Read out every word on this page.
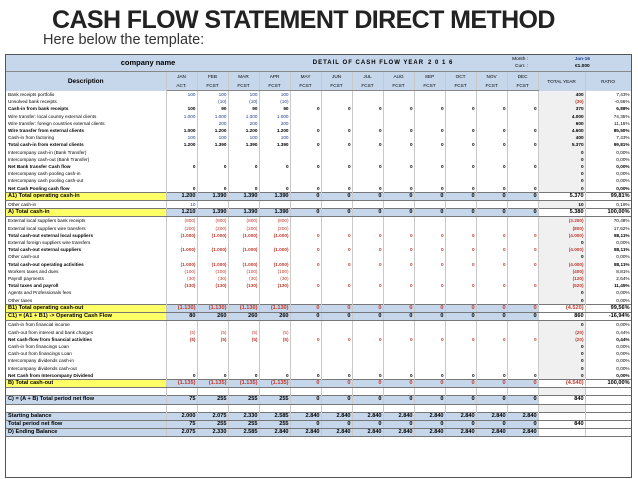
CASH FLOW STATEMENT DIRECT METHOD
Here below the template:
company name					DETAIL OF CASH FLOW YEAR 2 0 1 6						Month : Jan-16
Curr. : €1.000			

Description	JAN	FEB	MAR	APR	MAY	JUN	JUL	AUG	SEP	OCT	NOV	DEC	TOTAL YEAR	RATIO
	ACT.	FCST	FCST	FCST	FCST	FCST	FCST	FCST	FCST	FCST	FCST	FCST		
Bank receipts portfolio	100	100	100	100									400	7,43%
Unsolved bank receipts		(10)	(10)	(10)									(30)	-0,56%
Cash-in from bank receipts	100	90	90	90	0	0	0	0	0	0	0	0	370	6,88%
Wire transfer: local country external clients	1.000	1.000	1.000	1.000									4.000	74,35%
Wire transfer: foreign countries external clients		200	200	200									600	11,15%
Wire transfer from external clients	1.000	1.200	1.200	1.200	0	0	0	0	0	0	0	0	4.600	85,50%
Cash-in from factoring	100	100	100	100									400	7,43%
Total cash-in from external clients	1.200	1.390	1.390	1.390	0	0	0	0	0	0	0	0	5.370	99,81%
Intercompany cash-in (Bank Transfer)													0	0,00%
Intercompany cash-out (Bank Transfer)													0	0,00%
Net Bank transfer Cash flow	0	0	0	0	0	0	0	0	0	0	0	0	0	0,00%
Intercompany cash pooling cash-in													0	0,00%
Intercompany cash pooling cash-out													0	0,00%
Net Cash Pooling cash flow	0	0	0	0	0	0	0	0	0	0	0	0	0	0,00%
A1) Total operating cash-in	1.200	1.390	1.390	1.390	0	0	0	0	0	0	0	0	5.370	99,81%
Other cash-in	10												10	0,19%
A) Total cash-in	1.210	1.390	1.390	1.390	0	0	0	0	0	0	0	0	5.380	100,00%
External local suppliers bank receipts	(800)	(800)	(800)	(800)									(3.200)	70,48%
External local suppliers wire transfers	(200)	(200)	(200)	(200)									(800)	17,62%
Total cash-out external local suppliers	(1.000)	(1.000)	(1.000)	(1.000)	0	0	0	0	0	0	0	0	(4.000)	88,11%
External foreign suppliers wire transfers													0	0,00%
Total cash-out external suppliers	(1.000)	(1.000)	(1.000)	(1.000)	0	0	0	0	0	0	0	0	(4.000)	88,11%
Other cash-out													0	0,00%
Total cash-out operating activities	(1.000)	(1.000)	(1.000)	(1.000)	0	0	0	0	0	0	0	0	(4.000)	88,11%
Workers taxes and dues	(100)	(100)	(100)	(100)									(400)	8,81%
Payroll payments	(30)	(30)	(30)	(30)									(120)	2,64%
Total taxes and payroll	(130)	(130)	(130)	(130)	0	0	0	0	0	0	0	0	(520)	11,45%
Agents and Professionals fees													0	0,00%
Other taxes													0	0,00%
B1) Total operating cash-out	(1.130)	(1.130)	(1.130)	(1.130)	0	0	0	0	0	0	0	0	(4.520)	99,56%
C1) = (A1 + B1) -> Operating Cash Flow	80	260	260	260	0	0	0	0	0	0	0	0	860	-16,94%
Cash-in from financial income													0	0,00%
Cash-out from interest and bank charges	(5)	(5)	(5)	(5)									(20)	0,44%
Net cash-flow from financial activities	(5)	(5)	(5)	(5)	0	0	0	0	0	0	0	0	(20)	0,44%
Cash-in from financings Loan													0	0,00%
Cash-out from financings Loan													0	0,00%
Intercompany dividends cash-in													0	0,00%
Intercompany dividends cash-out													0	0,00%
Net Cash from Intercompany Dividend	0	0	0	0	0	0	0	0	0	0	0	0	0	0,00%
B) Total cash-out	(1.135)	(1.135)	(1.135)	(1.135)	0	0	0	0	0	0	0	0	(4.540)	100,00%

C) = (A + B) Total period net flow	75	255	255	255	0	0	0	0	0	0	0	0	840	

Starting balance	2.000	2.075	2.330	2.585	2.840	2.840	2.840	2.840	2.840	2.840	2.840	2.840		
Total period net flow	75	255	255	255	0	0	0	0	0	0	0	0	840	
D) Ending Balance	2.075	2.330	2.585	2.840	2.840	2.840	2.840	2.840	2.840	2.840	2.840	2.840		
